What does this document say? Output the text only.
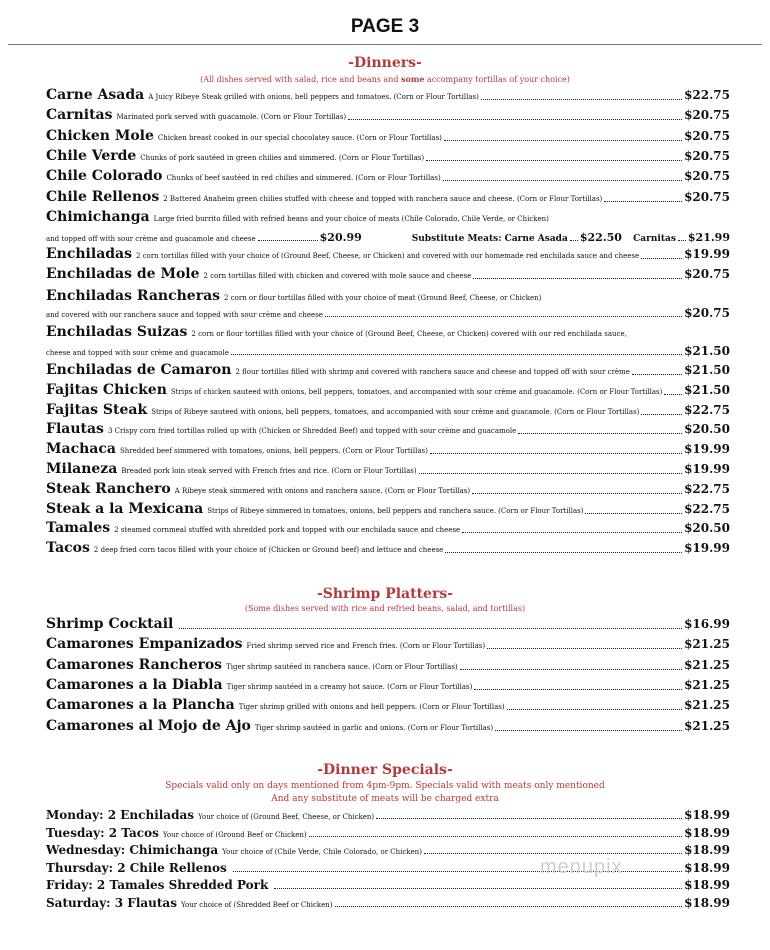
PAGE 3
-Dinners-
(All dishes served with salad, rice and beans and some accompany tortillas of your choice)
Carne Asada A Juicy Ribeye Steak grilled with onions, bell peppers and tomatoes. (Corn or Flour Tortillas)	$22.75
Carnitas Marinated pork served with guacamole. (Corn or Flour Tortillas)	$20.75
Chicken Mole Chicken breast cooked in our special chocolatey sauce. (Corn or Flour Tortillas)	$20.75
Chile Verde Chunks of pork sautéed in green chilies and simmered. (Corn or Flour Tortillas)	$20.75
Chile Colorado Chunks of beef sautéed in red chilies and simmered. (Corn or Flour Tortillas)	$20.75
Chile Rellenos 2 Battered Anaheim green chilies stuffed with cheese and topped with ranchera sauce and cheese. (Corn or Flour Tortillas)	$20.75
Chimichanga Large fried burrito filled with refried beans and your choice of meats (Chile Colorado, Chile Verde, or Chicken)
and topped off with sour crème and guacamole and cheese	$20.99	Substitute Meats: Carne Asada $22.50 Carnitas $21.99
Enchiladas 2 corn tortillas filled with your choice of (Ground Beef, Cheese, or Chicken) and covered with our homemade red enchilada sauce and cheese	$19.99
Enchiladas de Mole 2 corn tortillas filled with chicken and covered with mole sauce and cheese	$20.75
Enchiladas Rancheras 2 corn or flour tortillas filled with your choice of meat (Ground Beef, Cheese, or Chicken)
and covered with our ranchera sauce and topped with sour crème and cheese	$20.75
Enchiladas Suizas 2 corn or flour tortillas filled with your choice of (Ground Beef, Cheese, or Chicken) covered with our red enchilada sauce,
cheese and topped with sour crème and guacamole	$21.50
Enchiladas de Camaron 2 flour tortillas filled with shrimp and covered with ranchera sauce and cheese and topped off with sour crème	$21.50
Fajitas Chicken Strips of chicken sauteed with onions, bell peppers, tomatoes, and accompanied with sour crème and guacamole. (Corn or Flour Tortillas) $21.50
Fajitas Steak Strips of Ribeye sauteed with onions, bell peppers, tomatoes, and accompanied with sour crème and guacamole. (Corn or Flour Tortillas)	$22.75
Flautas 3 Crispy corn fried tortillas rolled up with (Chicken or Shredded Beef) and topped with sour crème and guacamole	$20.50
Machaca Shredded beef simmered with tomatoes, onions, bell peppers. (Corn or Flour Tortillas)	$19.99
Milaneza Breaded pork loin steak served with French fries and rice. (Corn or Flour Tortillas)	$19.99
Steak Ranchero A Ribeye steak simmered with onions and ranchera sauce. (Corn or Flour Tortillas)	$22.75
Steak a la Mexicana Strips of Ribeye simmered in tomatoes, onions, bell peppers and ranchera sauce. (Corn or Flour Tortillas)	$22.75
Tamales 2 steamed cornmeal stuffed with shredded pork and topped with our enchilada sauce and cheese	$20.50
Tacos 2 deep fried corn tacos filled with your choice of (Chicken or Ground beef) and lettuce and cheese	$19.99
-Shrimp Platters-
(Some dishes served with rice and refried beans, salad, and tortillas)
Shrimp Cocktail	$16.99
Camarones Empanizados Fried shrimp served rice and French fries. (Corn or Flour Tortillas)	$21.25
Camarones Rancheros Tiger shrimp sautéed in ranchera sauce. (Corn or Flour Tortillas)	$21.25
Camarones a la Diabla Tiger shrimp sautéed in a creamy hot sauce. (Corn or Flour Tortillas)	$21.25
Camarones a la Plancha Tiger shrimp grilled with onions and bell peppers. (Corn or Flour Tortillas)	$21.25
Camarones al Mojo de Ajo Tiger shrimp sautéed in garlic and onions. (Corn or Flour Tortillas)	$21.25
-Dinner Specials-
Specials valid only on days mentioned from 4pm-9pm. Specials valid with meats only mentioned
And any substitute of meats will be charged extra
Monday: 2 Enchiladas Your choice of (Ground Beef, Cheese, or Chicken)	$18.99
Tuesday: 2 Tacos Your choice of (Ground Beef or Chicken)	$18.99
Wednesday: Chimichanga Your choice of (Chile Verde, Chile Colorado, or Chicken)	$18.99
Thursday: 2 Chile Rellenos	$18.99
Friday: 2 Tamales Shredded Pork	$18.99
Saturday: 3 Flautas Your choice of (Shredded Beef or Chicken)	$18.99
menupix
